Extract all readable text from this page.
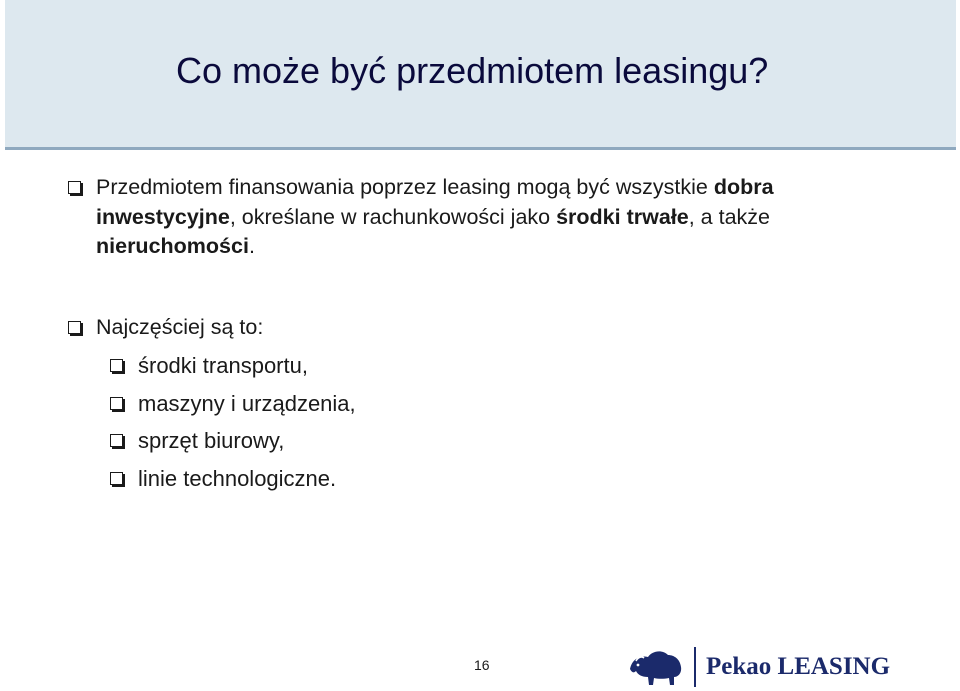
Co może być przedmiotem leasingu?
Przedmiotem finansowania poprzez leasing mogą być wszystkie dobra inwestycyjne, określane w rachunkowości jako środki trwałe, a także nieruchomości.
Najczęściej są to:
środki transportu,
maszyny i urządzenia,
sprzęt biurowy,
linie technologiczne.
16	Pekao LEASING
